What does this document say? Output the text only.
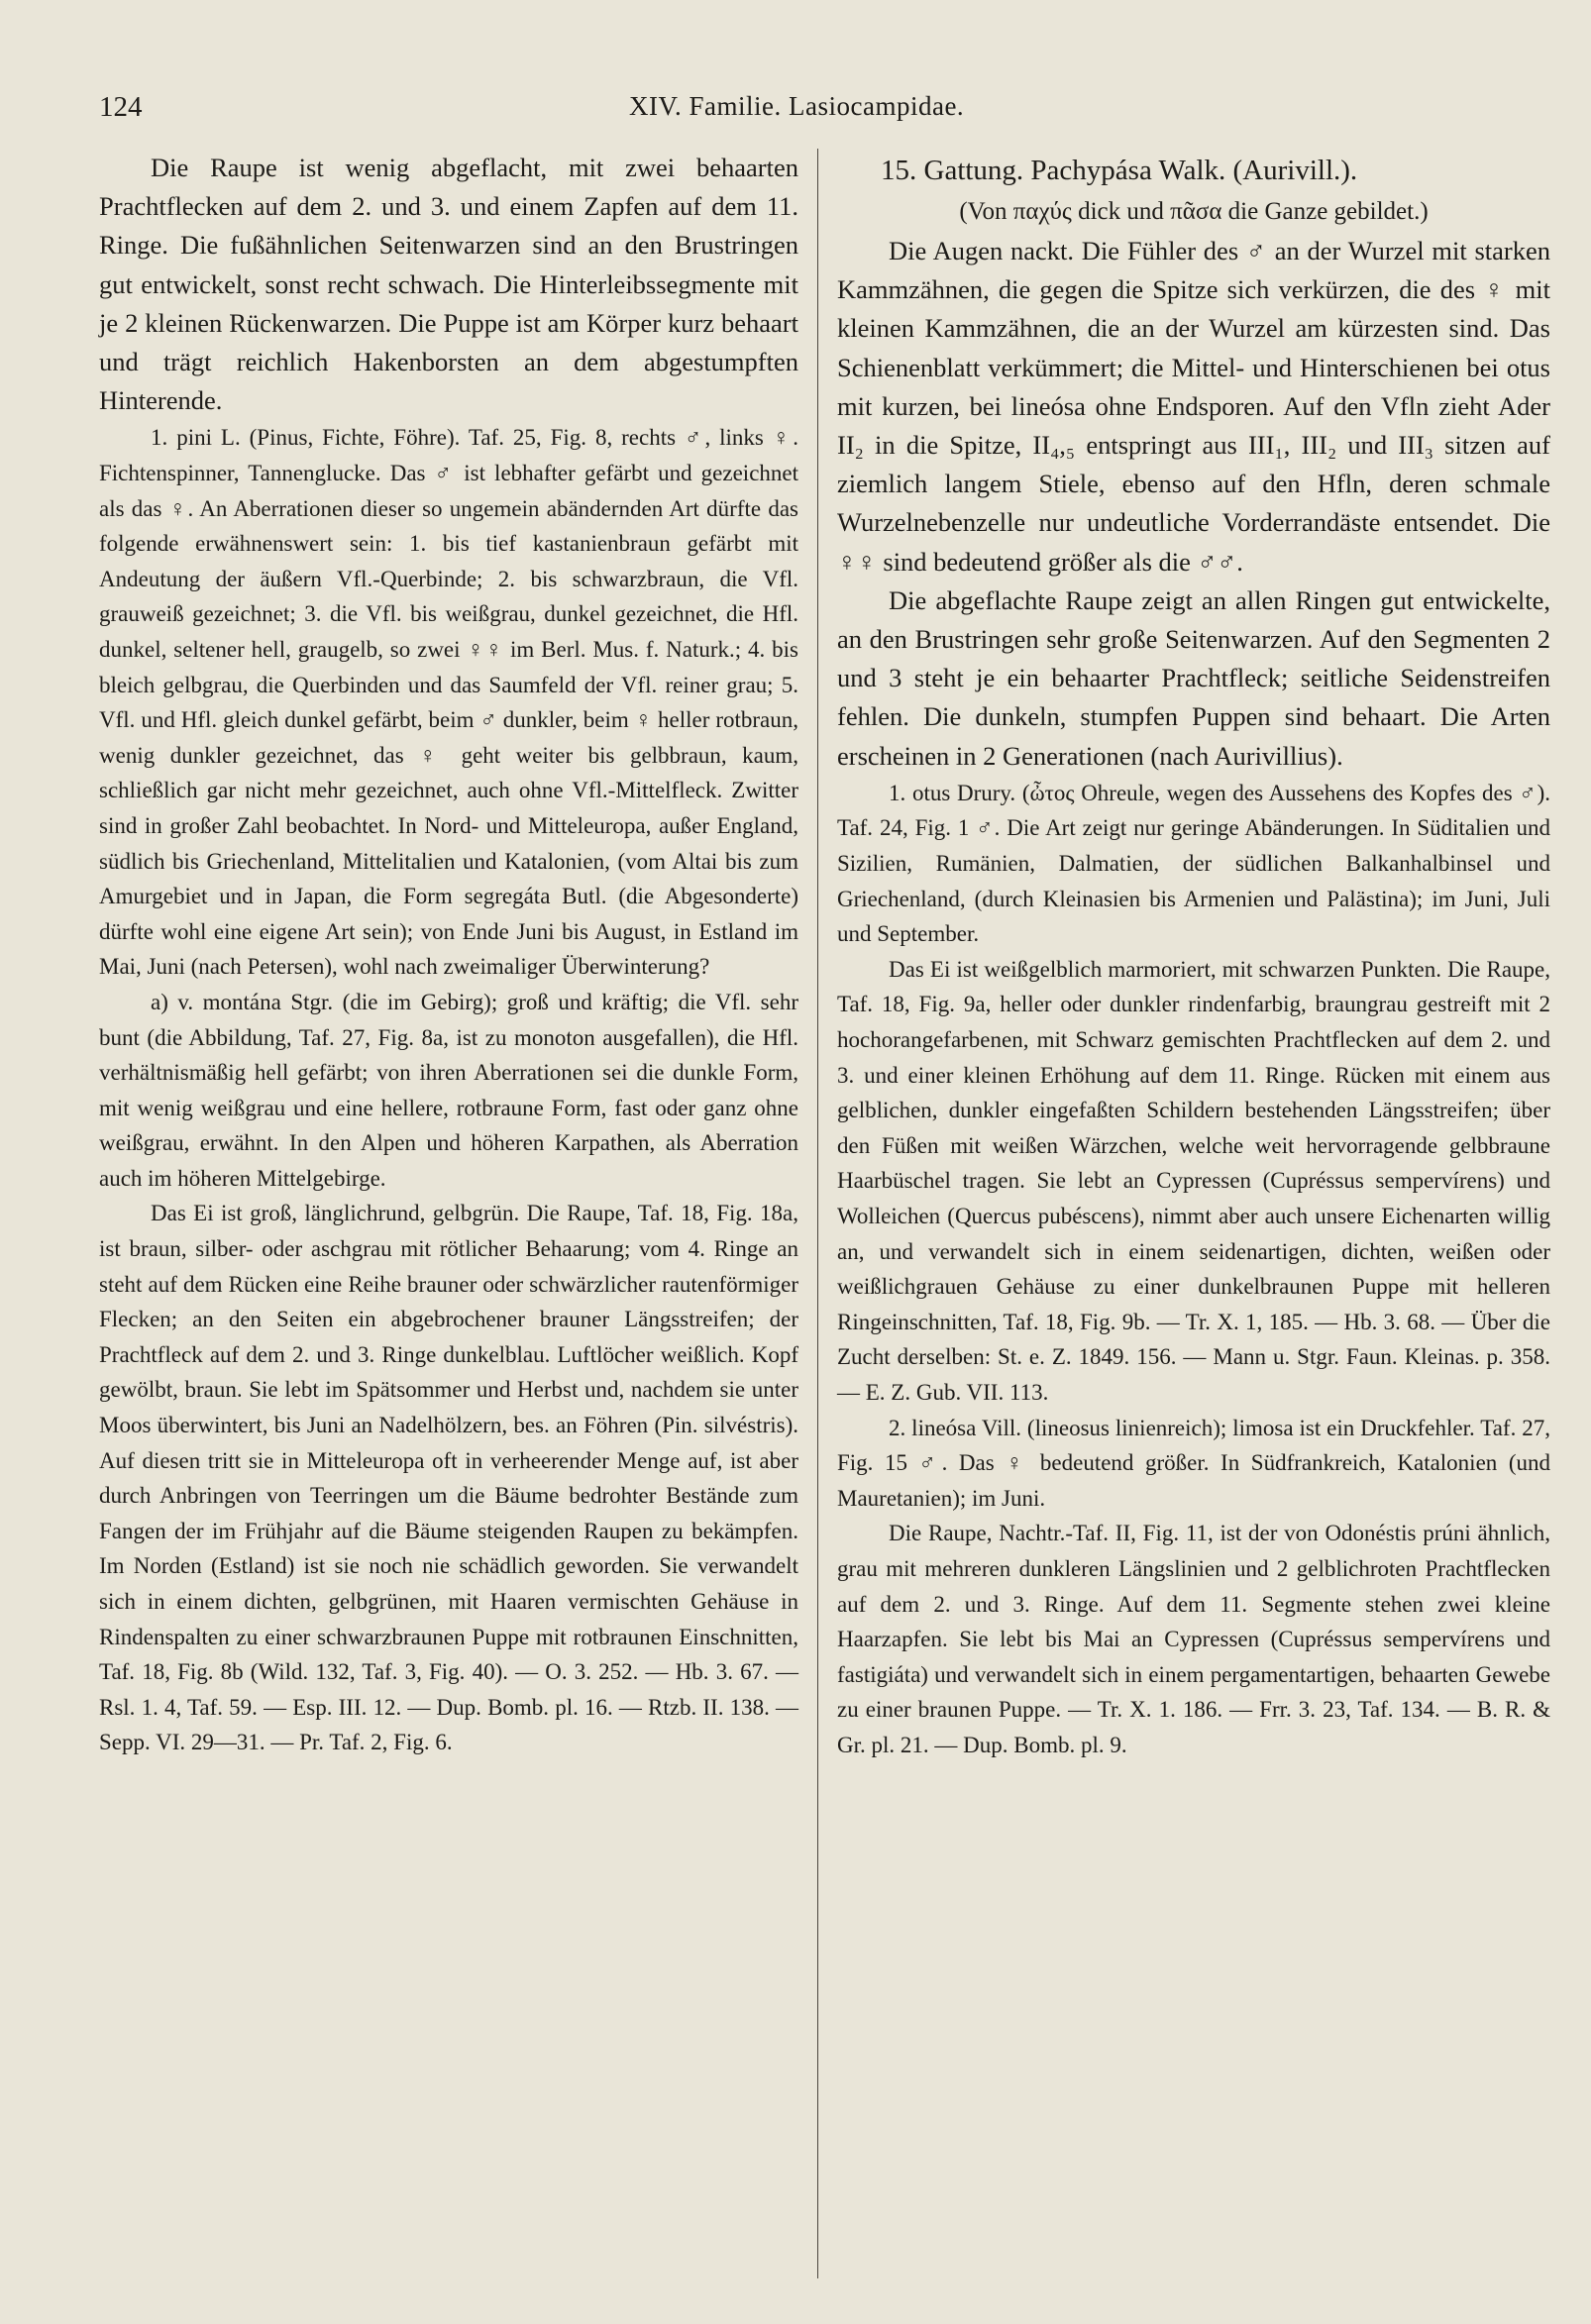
124	XIV. Familie. Lasiocampidae.

Die Raupe ist wenig abgeflacht, mit zwei behaarten Prachtflecken auf dem 2. und 3. und einem Zapfen auf dem 11. Ringe. Die fußähnlichen Seitenwarzen sind an den Brustringen gut entwickelt, sonst recht schwach. Die Hinterleibssegmente mit je 2 kleinen Rückenwarzen. Die Puppe ist am Körper kurz behaart und trägt reichlich Hakenborsten an dem abgestumpften Hinterende.

1. pini L. (Pinus, Fichte, Föhre). Taf. 25, Fig. 8, rechts ♂, links ♀. Fichtenspinner, Tannenglucke. Das ♂ ist lebhafter gefärbt und gezeichnet als das ♀. An Aberrationen dieser so ungemein abändernden Art dürfte das folgende erwähnenswert sein: 1. bis tief kastanienbraun gefärbt mit Andeutung der äußern Vfl.-Querbinde; 2. bis schwarzbraun, die Vfl. grauweiß gezeichnet; 3. die Vfl. bis weißgrau, dunkel gezeichnet, die Hfl. dunkel, seltener hell, graugelb, so zwei ♀♀ im Berl. Mus. f. Naturk.; 4. bis bleich gelbgrau, die Querbinden und das Saumfeld der Vfl. reiner grau; 5. Vfl. und Hfl. gleich dunkel gefärbt, beim ♂ dunkler, beim ♀ heller rotbraun, wenig dunkler gezeichnet, das ♀ geht weiter bis gelbbraun, kaum, schließlich gar nicht mehr gezeichnet, auch ohne Vfl.-Mittelfleck. Zwitter sind in großer Zahl beobachtet. In Nord- und Mitteleuropa, außer England, südlich bis Griechenland, Mittelitalien und Katalonien, (vom Altai bis zum Amurgebiet und in Japan, die Form segregáta Butl. (die Abgesonderte) dürfte wohl eine eigene Art sein); von Ende Juni bis August, in Estland im Mai, Juni (nach Petersen), wohl nach zweimaliger Überwinterung?

a) v. montána Stgr. (die im Gebirg); groß und kräftig; die Vfl. sehr bunt (die Abbildung, Taf. 27, Fig. 8a, ist zu monoton ausgefallen), die Hfl. verhältnismäßig hell gefärbt; von ihren Aberrationen sei die dunkle Form, mit wenig weißgrau und eine hellere, rotbraune Form, fast oder ganz ohne weißgrau, erwähnt. In den Alpen und höheren Karpathen, als Aberration auch im höheren Mittelgebirge.

Das Ei ist groß, länglichrund, gelbgrün. Die Raupe, Taf. 18, Fig. 18a, ist braun, silber- oder aschgrau mit rötlicher Behaarung; vom 4. Ringe an steht auf dem Rücken eine Reihe brauner oder schwärzlicher rautenförmiger Flecken; an den Seiten ein abgebrochener brauner Längsstreifen; der Prachtfleck auf dem 2. und 3. Ringe dunkelblau. Luftlöcher weißlich. Kopf gewölbt, braun. Sie lebt im Spätsommer und Herbst und, nachdem sie unter Moos überwintert, bis Juni an Nadelhölzern, bes. an Föhren (Pin. silvéstris). Auf diesen tritt sie in Mitteleuropa oft in verheerender Menge auf, ist aber durch Anbringen von Teerringen um die Bäume bedrohter Bestände zum Fangen der im Frühjahr auf die Bäume steigenden Raupen zu bekämpfen. Im Norden (Estland) ist sie noch nie schädlich geworden. Sie verwandelt sich in einem dichten, gelbgrünen, mit Haaren vermischten Gehäuse in Rindenspalten zu einer schwarzbraunen Puppe mit rotbraunen Einschnitten, Taf. 18, Fig. 8b (Wild. 132, Taf. 3, Fig. 40). — O. 3. 252. — Hb. 3. 67. — Rsl. 1. 4, Taf. 59. — Esp. III. 12. — Dup. Bomb. pl. 16. — Rtzb. II. 138. — Sepp. VI. 29—31. — Pr. Taf. 2, Fig. 6.

15. Gattung. Pachypása Walk. (Aurivill.).

(Von παχύς dick und πᾶσα die Ganze gebildet.)

Die Augen nackt. Die Fühler des ♂ an der Wurzel mit starken Kammzähnen, die gegen die Spitze sich verkürzen, die des ♀ mit kleinen Kammzähnen, die an der Wurzel am kürzesten sind. Das Schienenblatt verkümmert; die Mittel- und Hinterschienen bei otus mit kurzen, bei lineósa ohne Endsporen. Auf den Vfln zieht Ader II₂ in die Spitze, II₄,₅ entspringt aus III₁, III₂ und III₃ sitzen auf ziemlich langem Stiele, ebenso auf den Hfln, deren schmale Wurzelnebenzelle nur undeutliche Vorderrandäste entsendet. Die ♀♀ sind bedeutend größer als die ♂♂.

Die abgeflachte Raupe zeigt an allen Ringen gut entwickelte, an den Brustringen sehr große Seitenwarzen. Auf den Segmenten 2 und 3 steht je ein behaarter Prachtfleck; seitliche Seidenstreifen fehlen. Die dunkeln, stumpfen Puppen sind behaart. Die Arten erscheinen in 2 Generationen (nach Aurivillius).

1. otus Drury. (ὦτος Ohreule, wegen des Aussehens des Kopfes des ♂). Taf. 24, Fig. 1 ♂. Die Art zeigt nur geringe Abänderungen. In Süditalien und Sizilien, Rumänien, Dalmatien, der südlichen Balkanhalbinsel und Griechenland, (durch Kleinasien bis Armenien und Palästina); im Juni, Juli und September.

Das Ei ist weißgelblich marmoriert, mit schwarzen Punkten. Die Raupe, Taf. 18, Fig. 9a, heller oder dunkler rindenfarbig, braungrau gestreift mit 2 hochorangefarbenen, mit Schwarz gemischten Prachtflecken auf dem 2. und 3. und einer kleinen Erhöhung auf dem 11. Ringe. Rücken mit einem aus gelblichen, dunkler eingefaßten Schildern bestehenden Längsstreifen; über den Füßen mit weißen Wärzchen, welche weit hervorragende gelbbraune Haarbüschel tragen. Sie lebt an Cypressen (Cupréssus sempervírens) und Wolleichen (Quercus pubéscens), nimmt aber auch unsere Eichenarten willig an, und verwandelt sich in einem seidenartigen, dichten, weißen oder weißlichgrauen Gehäuse zu einer dunkelbraunen Puppe mit helleren Ringeinschnitten, Taf. 18, Fig. 9b. — Tr. X. 1, 185. — Hb. 3. 68. — Über die Zucht derselben: St. e. Z. 1849. 156. — Mann u. Stgr. Faun. Kleinas. p. 358. — E. Z. Gub. VII. 113.

2. lineósa Vill. (lineosus linienreich); limosa ist ein Druckfehler. Taf. 27, Fig. 15 ♂. Das ♀ bedeutend größer. In Südfrankreich, Katalonien (und Mauretanien); im Juni.

Die Raupe, Nachtr.-Taf. II, Fig. 11, ist der von Odonéstis prúni ähnlich, grau mit mehreren dunkleren Längslinien und 2 gelblichroten Prachtflecken auf dem 2. und 3. Ringe. Auf dem 11. Segmente stehen zwei kleine Haarzapfen. Sie lebt bis Mai an Cypressen (Cupréssus sempervírens und fastigiáta) und verwandelt sich in einem pergamentartigen, behaarten Gewebe zu einer braunen Puppe. — Tr. X. 1. 186. — Frr. 3. 23, Taf. 134. — B. R. & Gr. pl. 21. — Dup. Bomb. pl. 9.
